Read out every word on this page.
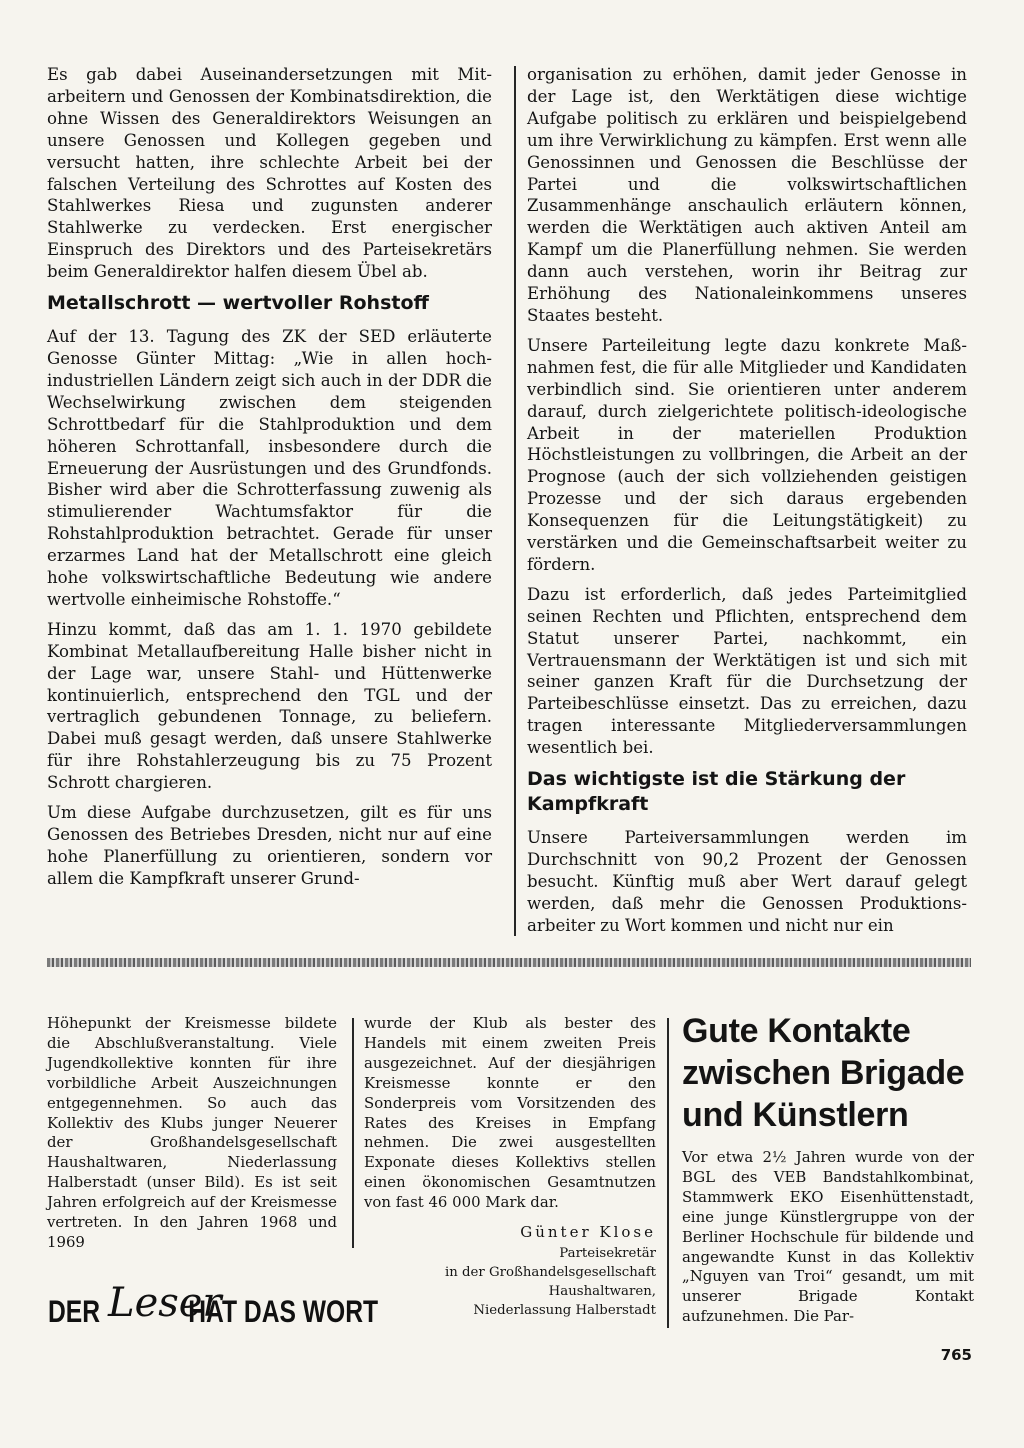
Es gab dabei Auseinandersetzungen mit Mitarbeitern und Genossen der Kombinatsdirektion, die ohne Wissen des Generaldirektors Weisungen an unsere Genossen und Kollegen gegeben und versucht hatten, ihre schlechte Arbeit bei der falschen Verteilung des Schrottes auf Kosten des Stahlwerkes Riesa und zugunsten anderer Stahlwerke zu verdecken. Erst energischer Einspruch des Direktors und des Parteisekretärs beim Generaldirektor halfen diesem Übel ab.

Metallschrott — wertvoller Rohstoff

Auf der 13. Tagung des ZK der SED erläuterte Genosse Günter Mittag: „Wie in allen hochindustriellen Ländern zeigt sich auch in der DDR die Wechselwirkung zwischen dem steigenden Schrottbedarf für die Stahlproduktion und dem höheren Schrottanfall, insbesondere durch die Erneuerung der Ausrüstungen und des Grundfonds. Bisher wird aber die Schrotterfassung zuwenig als stimulierender Wachtumsfaktor für die Rohstahlproduktion betrachtet. Gerade für unser erzarmes Land hat der Metallschrott eine gleich hohe volkswirtschaftliche Bedeutung wie andere wertvolle einheimische Rohstoffe.“

Hinzu kommt, daß das am 1. 1. 1970 gebildete Kombinat Metallaufbereitung Halle bisher nicht in der Lage war, unsere Stahl- und Hüttenwerke kontinuierlich, entsprechend den TGL und der vertraglich gebundenen Tonnage, zu beliefern. Dabei muß gesagt werden, daß unsere Stahlwerke für ihre Rohstahlerzeugung bis zu 75 Prozent Schrott chargieren.

Um diese Aufgabe durchzusetzen, gilt es für uns Genossen des Betriebes Dresden, nicht nur auf eine hohe Planerfüllung zu orientieren, sondern vor allem die Kampfkraft unserer Grund-

organisation zu erhöhen, damit jeder Genosse in der Lage ist, den Werktätigen diese wichtige Aufgabe politisch zu erklären und beispielgebend um ihre Verwirklichung zu kämpfen. Erst wenn alle Genossinnen und Genossen die Beschlüsse der Partei und die volkswirtschaftlichen Zusammenhänge anschaulich erläutern können, werden die Werktätigen auch aktiven Anteil am Kampf um die Planerfüllung nehmen. Sie werden dann auch verstehen, worin ihr Beitrag zur Erhöhung des Nationaleinkommens unseres Staates besteht.

Unsere Parteileitung legte dazu konkrete Maßnahmen fest, die für alle Mitglieder und Kandidaten verbindlich sind. Sie orientieren unter anderem darauf, durch zielgerichtete politisch-ideologische Arbeit in der materiellen Produktion Höchstleistungen zu vollbringen, die Arbeit an der Prognose (auch der sich vollziehenden geistigen Prozesse und der sich daraus ergebenden Konsequenzen für die Leitungstätigkeit) zu verstärken und die Gemeinschaftsarbeit weiter zu fördern.

Dazu ist erforderlich, daß jedes Parteimitglied seinen Rechten und Pflichten, entsprechend dem Statut unserer Partei, nachkommt, ein Vertrauensmann der Werktätigen ist und sich mit seiner ganzen Kraft für die Durchsetzung der Parteibeschlüsse einsetzt. Das zu erreichen, dazu tragen interessante Mitgliederversammlungen wesentlich bei.

Das wichtigste ist die Stärkung der Kampfkraft

Unsere Parteiversammlungen werden im Durchschnitt von 90,2 Prozent der Genossen besucht. Künftig muß aber Wert darauf gelegt werden, daß mehr die Genossen Produktionsarbeiter zu Wort kommen und nicht nur ein

Höhepunkt der Kreismesse bildete die Abschlußveranstaltung. Viele Jugendkollektive konnten für ihre vorbildliche Arbeit Auszeichnungen entgegennehmen. So auch das Kollektiv des Klubs junger Neuerer der Großhandelsgesellschaft Haushaltwaren, Niederlassung Halberstadt (unser Bild). Es ist seit Jahren erfolgreich auf der Kreismesse vertreten. In den Jahren 1968 und 1969

wurde der Klub als bester des Handels mit einem zweiten Preis ausgezeichnet. Auf der diesjährigen Kreismesse konnte er den Sonderpreis vom Vorsitzenden des Rates des Kreises in Empfang nehmen. Die zwei ausgestellten Exponate dieses Kollektivs stellen einen ökonomischen Gesamtnutzen von fast 46 000 Mark dar.

Günter Klose
Parteisekretär
in der Großhandelsgesellschaft
Haushaltwaren,
Niederlassung Halberstadt
Gute Kontakte zwischen Brigade und Künstlern

Vor etwa 2½ Jahren wurde von der BGL des VEB Bandstahlkombinat, Stammwerk EKO Eisenhüttenstadt, eine junge Künstlergruppe von der Berliner Hochschule für bildende und angewandte Kunst in das Kollektiv „Nguyen van Troi“ gesandt, um mit unserer Brigade Kontakt aufzunehmen. Die Par-

DER Leser
HAT DAS WORT
765
